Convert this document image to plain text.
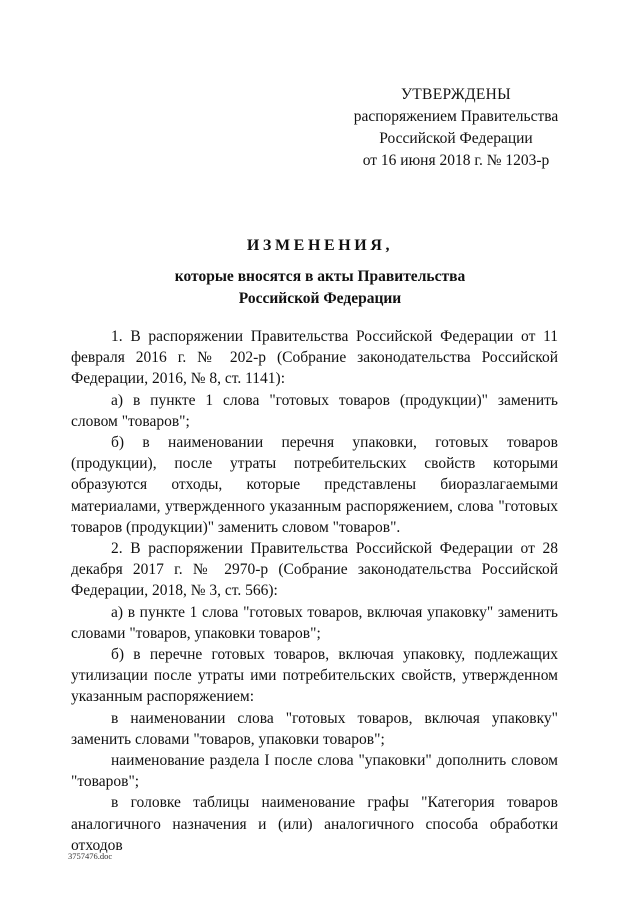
УТВЕРЖДЕНЫ
распоряжением Правительства
Российской Федерации
от 16 июня 2018 г. № 1203-р
ИЗМЕНЕНИЯ,
которые вносятся в акты Правительства
Российской Федерации

1. В распоряжении Правительства Российской Федерации от 11 февраля 2016 г. № 202-р (Собрание законодательства Российской Федерации, 2016, № 8, ст. 1141):

а) в пункте 1 слова "готовых товаров (продукции)" заменить словом "товаров";

б) в наименовании перечня упаковки, готовых товаров (продукции), после утраты потребительских свойств которыми образуются отходы, которые представлены биоразлагаемыми материалами, утвержденного указанным распоряжением, слова "готовых товаров (продукции)" заменить словом "товаров".

2. В распоряжении Правительства Российской Федерации от 28 декабря 2017 г. № 2970-р (Собрание законодательства Российской Федерации, 2018, № 3, ст. 566):

а) в пункте 1 слова "готовых товаров, включая упаковку" заменить словами "товаров, упаковки товаров";

б) в перечне готовых товаров, включая упаковку, подлежащих утилизации после утраты ими потребительских свойств, утвержденном указанным распоряжением:

в наименовании слова "готовых товаров, включая упаковку" заменить словами "товаров, упаковки товаров";

наименование раздела I после слова "упаковки" дополнить словом "товаров";

в головке таблицы наименование графы "Категория товаров аналогичного назначения и (или) аналогичного способа обработки отходов

3757476.doc
